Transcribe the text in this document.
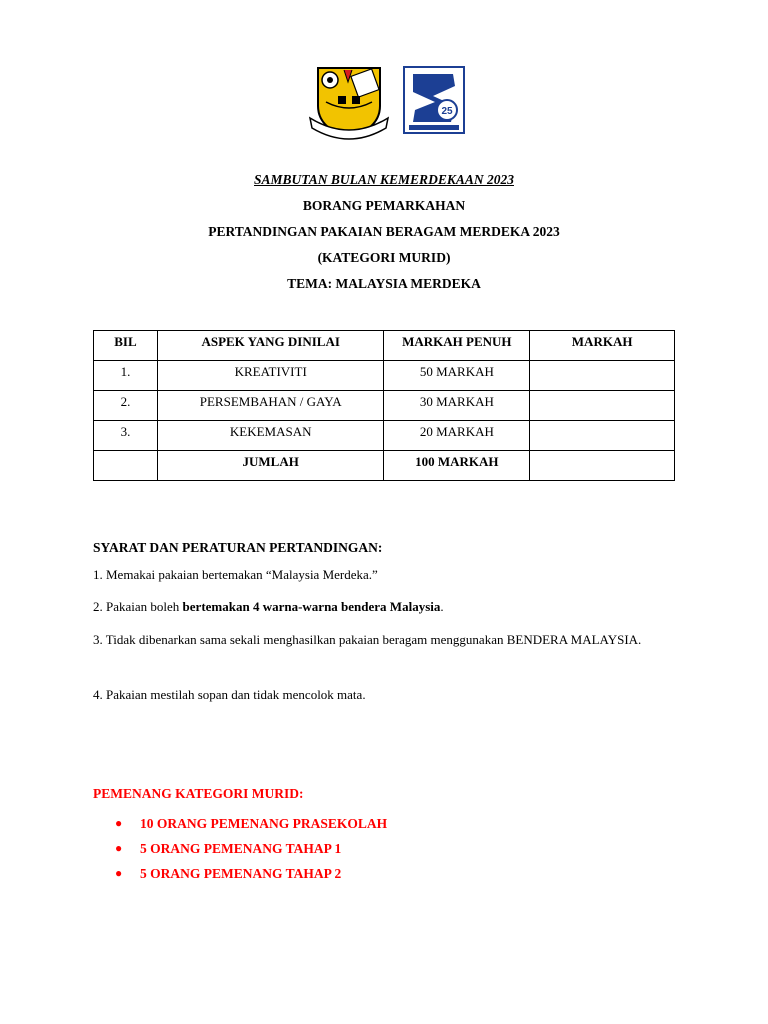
25
SAMBUTAN BULAN KEMERDEKAAN 2023
BORANG PEMARKAHAN
PERTANDINGAN PAKAIAN BERAGAM MERDEKA 2023
(KATEGORI MURID)
TEMA: MALAYSIA MERDEKA
BIL	ASPEK YANG DINILAI	MARKAH PENUH	MARKAH
1.	KREATIVITI	50 MARKAH	
2.	PERSEMBAHAN / GAYA	30 MARKAH	
3.	KEKEMASAN	20 MARKAH	
	JUMLAH	100 MARKAH	
SYARAT DAN PERATURAN PERTANDINGAN:
1. Memakai pakaian bertemakan “Malaysia Merdeka.”
2. Pakaian boleh bertemakan 4 warna-warna bendera Malaysia.
3. Tidak dibenarkan sama sekali menghasilkan pakaian beragam menggunakan BENDERA MALAYSIA.
4. Pakaian mestilah sopan dan tidak mencolok mata.
PEMENANG KATEGORI MURID:
● 10 ORANG PEMENANG PRASEKOLAH
● 5 ORANG PEMENANG TAHAP 1
● 5 ORANG PEMENANG TAHAP 2
